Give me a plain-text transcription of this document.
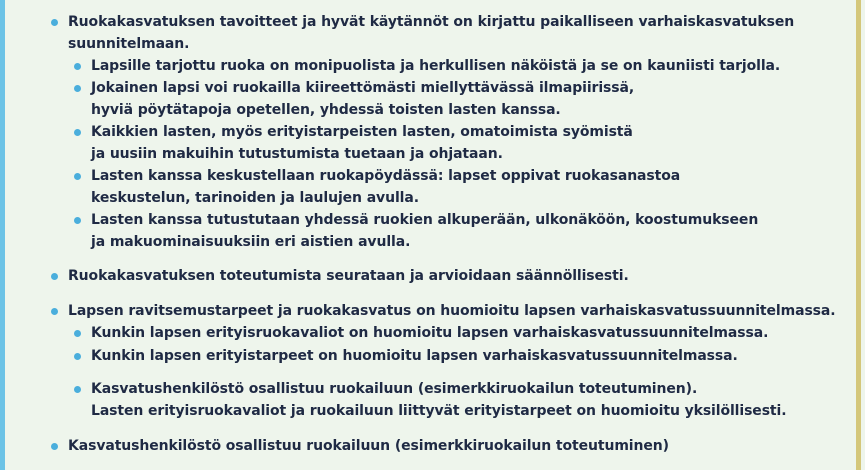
Ruokakasvatuksen tavoitteet ja hyvät käytännöt on kirjattu paikalliseen varhaiskasvatuksen
suunnitelmaan.
Lapsille tarjottu ruoka on monipuolista ja herkullisen näköistä ja se on kauniisti tarjolla.
Jokainen lapsi voi ruokailla kiireettömästi miellyttävässä ilmapiirissä,
hyviä pöytätapoja opetellen, yhdessä toisten lasten kanssa.
Kaikkien lasten, myös erityistarpeisten lasten, omatoimista syömistä
ja uusiin makuihin tutustumista tuetaan ja ohjataan.
Lasten kanssa keskustellaan ruokapöydässä: lapset oppivat ruokasanastoa
keskustelun, tarinoiden ja laulujen avulla.
Lasten kanssa tutustutaan yhdessä ruokien alkuperään, ulkonäköön, koostumukseen
ja makuominaisuuksiin eri aistien avulla.
Ruokakasvatuksen toteutumista seurataan ja arvioidaan säännöllisesti.
Lapsen ravitsemustarpeet ja ruokakasvatus on huomioitu lapsen varhaiskasvatussuunnitelmassa.
Kunkin lapsen erityisruokavaliot on huomioitu lapsen varhaiskasvatussuunnitelmassa.
Kunkin lapsen erityistarpeet on huomioitu lapsen varhaiskasvatussuunnitelmassa.
Kasvatushenkilöstö osallistuu ruokailuun (esimerkkiruokailun toteutuminen).
Lasten erityisruokavaliot ja ruokailuun liittyvät erityistarpeet on huomioitu yksilöllisesti.
Kasvatushenkilöstö osallistuu ruokailuun (esimerkkiruokailun toteutuminen)
